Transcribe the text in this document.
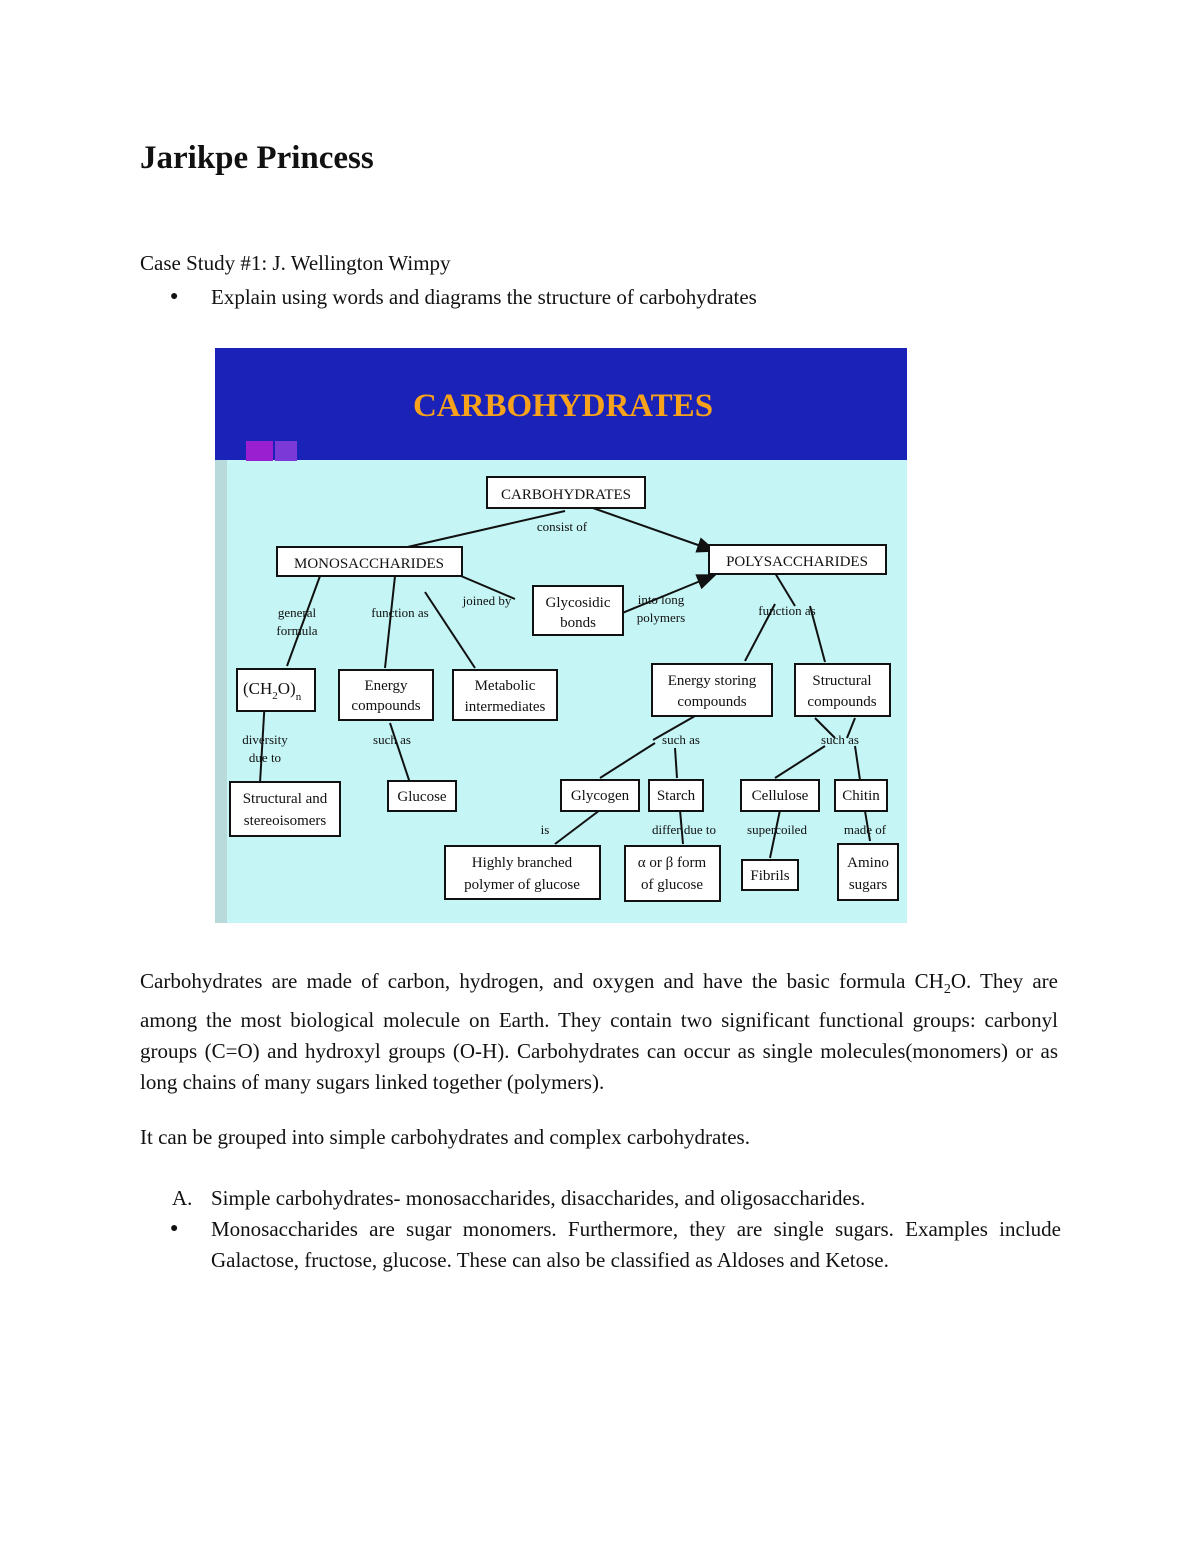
Jarikpe Princess
Case Study #1: J. Wellington Wimpy
●	Explain using words and diagrams the structure of carbohydrates
CARBOHYDRATES
CARBOHYDRATES
MONOSACCHARIDES	POLYSACCHARIDES
Glycosidic
bonds
Energy
compounds
Metabolic
intermediates
Energy storing
compounds
Structural
compounds
Structural and
stereoisomers
Glucose	Glycogen Starch	Cellulose Chitin
Highly branched
polymer of glucose
α or β form
of glucose
Fibrils
Amino
sugars
$(CH_2O)_n$
consist of
general
formula
function as
joined by	into long
polymers	function as
diversity
due to
such as	such as	such as
is	differ due to supercoiled	made of

Carbohydrates are made of carbon, hydrogen, and oxygen and have the basic formula $CH_2O$. They are among the most biological molecule on Earth. They contain two significant functional groups: carbonyl groups (C=O) and hydroxyl groups (O-H). Carbohydrates can occur as single molecules(monomers) or as long chains of many sugars linked together (polymers).

It can be grouped into simple carbohydrates and complex carbohydrates.

A. Simple carbohydrates- monosaccharides, disaccharides, and oligosaccharides.
●	Monosaccharides are sugar monomers. Furthermore, they are single sugars. Examples include Galactose, fructose, glucose. These can also be classified as Aldoses and Ketose.
